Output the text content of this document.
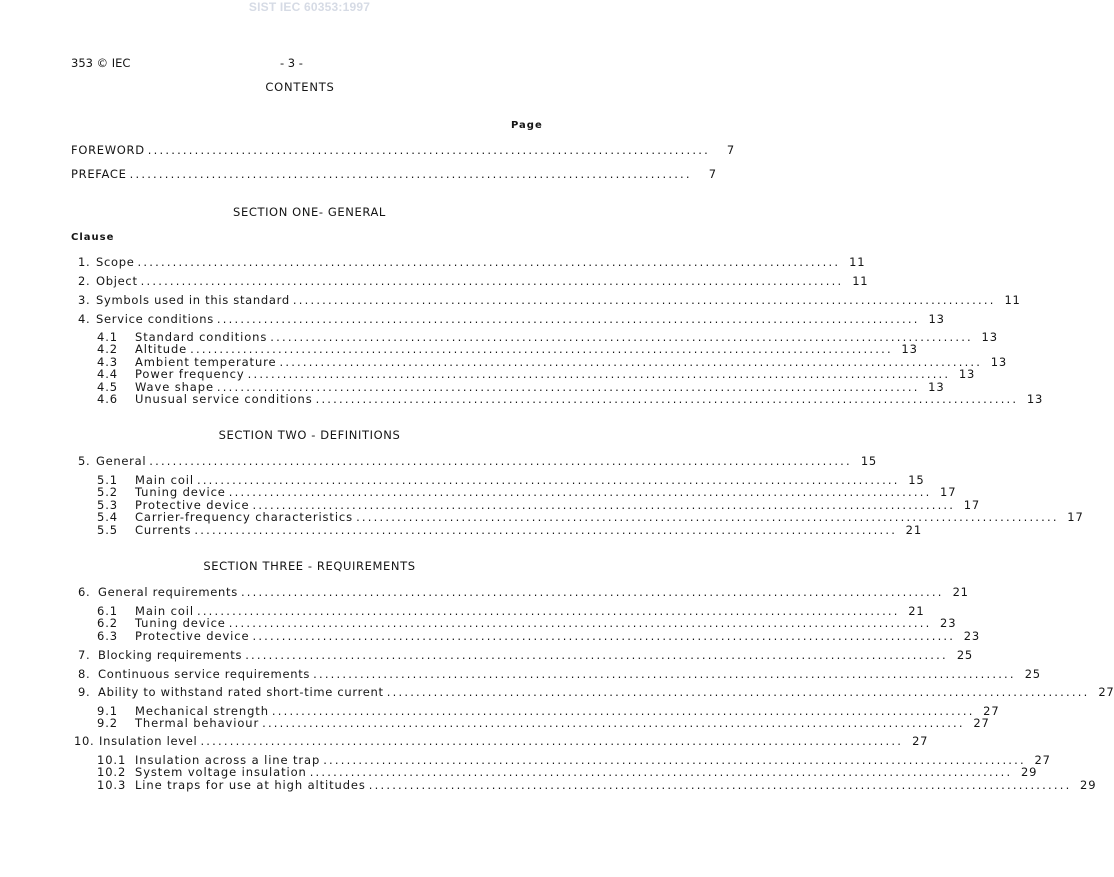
SIST IEC 60353:1997
353 © IEC	- 3 -
CONTENTS
Page
FOREWORD ................................................................................................	7
PREFACE ................................................................................................	7
SECTION ONE- GENERAL
Clause
SECTION TWO - DEFINITIONS
SECTION THREE - REQUIREMENTS
1. Scope ........................................................................................................................ 11
2. Object ........................................................................................................................ 11
3. Symbols used in this standard ........................................................................................................................ 11
4. Service conditions ........................................................................................................................ 13
4.1	Standard conditions ........................................................................................................................ 13
4.2	Altitude ........................................................................................................................ 13
4.3	Ambient temperature ........................................................................................................................ 13
4.4	Power frequency ........................................................................................................................ 13
4.5	Wave shape ........................................................................................................................ 13
4.6	Unusual service conditions ........................................................................................................................ 13
5. General ........................................................................................................................ 15
5.1	Main coil ........................................................................................................................ 15
5.2	Tuning device ........................................................................................................................ 17
5.3	Protective device ........................................................................................................................ 17
5.4	Carrier-frequency characteristics ........................................................................................................................ 17
5.5	Currents ........................................................................................................................ 21
6. General requirements ........................................................................................................................ 21
6.1	Main coil ........................................................................................................................ 21
6.2	Tuning device ........................................................................................................................ 23
6.3	Protective device ........................................................................................................................ 23
7. Blocking requirements ........................................................................................................................ 25
8. Continuous service requirements ........................................................................................................................ 25
9. Ability to withstand rated short-time current ........................................................................................................................ 27
9.1	Mechanical strength ........................................................................................................................ 27
9.2	Thermal behaviour ........................................................................................................................ 27
10. Insulation level ........................................................................................................................ 27
10.1 Insulation across a line trap ........................................................................................................................ 27
10.2 System voltage insulation ........................................................................................................................ 29
10.3 Line traps for use at high altitudes ........................................................................................................................ 29
